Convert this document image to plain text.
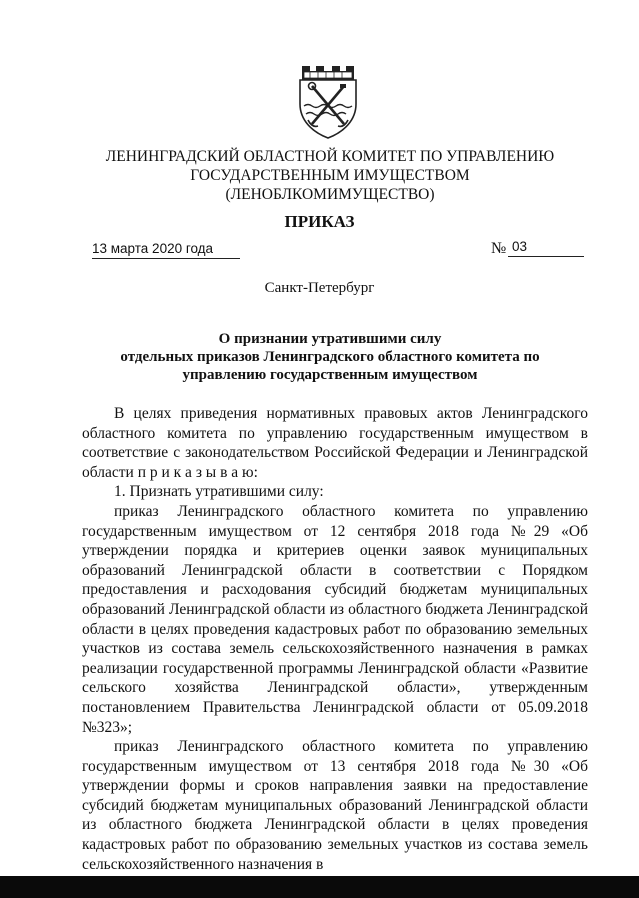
ЛЕНИНГРАДСКИЙ ОБЛАСТНОЙ КОМИТЕТ ПО УПРАВЛЕНИЮ
ГОСУДАРСТВЕННЫМ ИМУЩЕСТВОМ
(ЛЕНОБЛКОМИМУЩЕСТВО)
ПРИКАЗ
13 марта 2020 года	№ 03
Санкт-Петербург
О признании утратившими силу
отдельных приказов Ленинградского областного комитета по
управлению государственным имуществом

В целях приведения нормативных правовых актов Ленинградского областного комитета по управлению государственным имуществом в соответствие с законодательством Российской Федерации и Ленинградской области п р и к а з ы в а ю:

1. Признать утратившими силу:

приказ Ленинградского областного комитета по управлению государственным имуществом от 12 сентября 2018 года №29 «Об утверждении порядка и критериев оценки заявок муниципальных образований Ленинградской области в соответствии с Порядком предоставления и расходования субсидий бюджетам муниципальных образований Ленинградской области из областного бюджета Ленинградской области в целях проведения кадастровых работ по образованию земельных участков из состава земель сельскохозяйственного назначения в рамках реализации государственной программы Ленинградской области «Развитие сельского хозяйства Ленинградской области», утвержденным постановлением Правительства Ленинградской области от 05.09.2018 №323»;

приказ Ленинградского областного комитета по управлению государственным имуществом от 13 сентября 2018 года №30 «Об утверждении формы и сроков направления заявки на предоставление субсидий бюджетам муниципальных образований Ленинградской области из областного бюджета Ленинградской области в целях проведения кадастровых работ по образованию земельных участков из состава земель сельскохозяйственного назначения в
